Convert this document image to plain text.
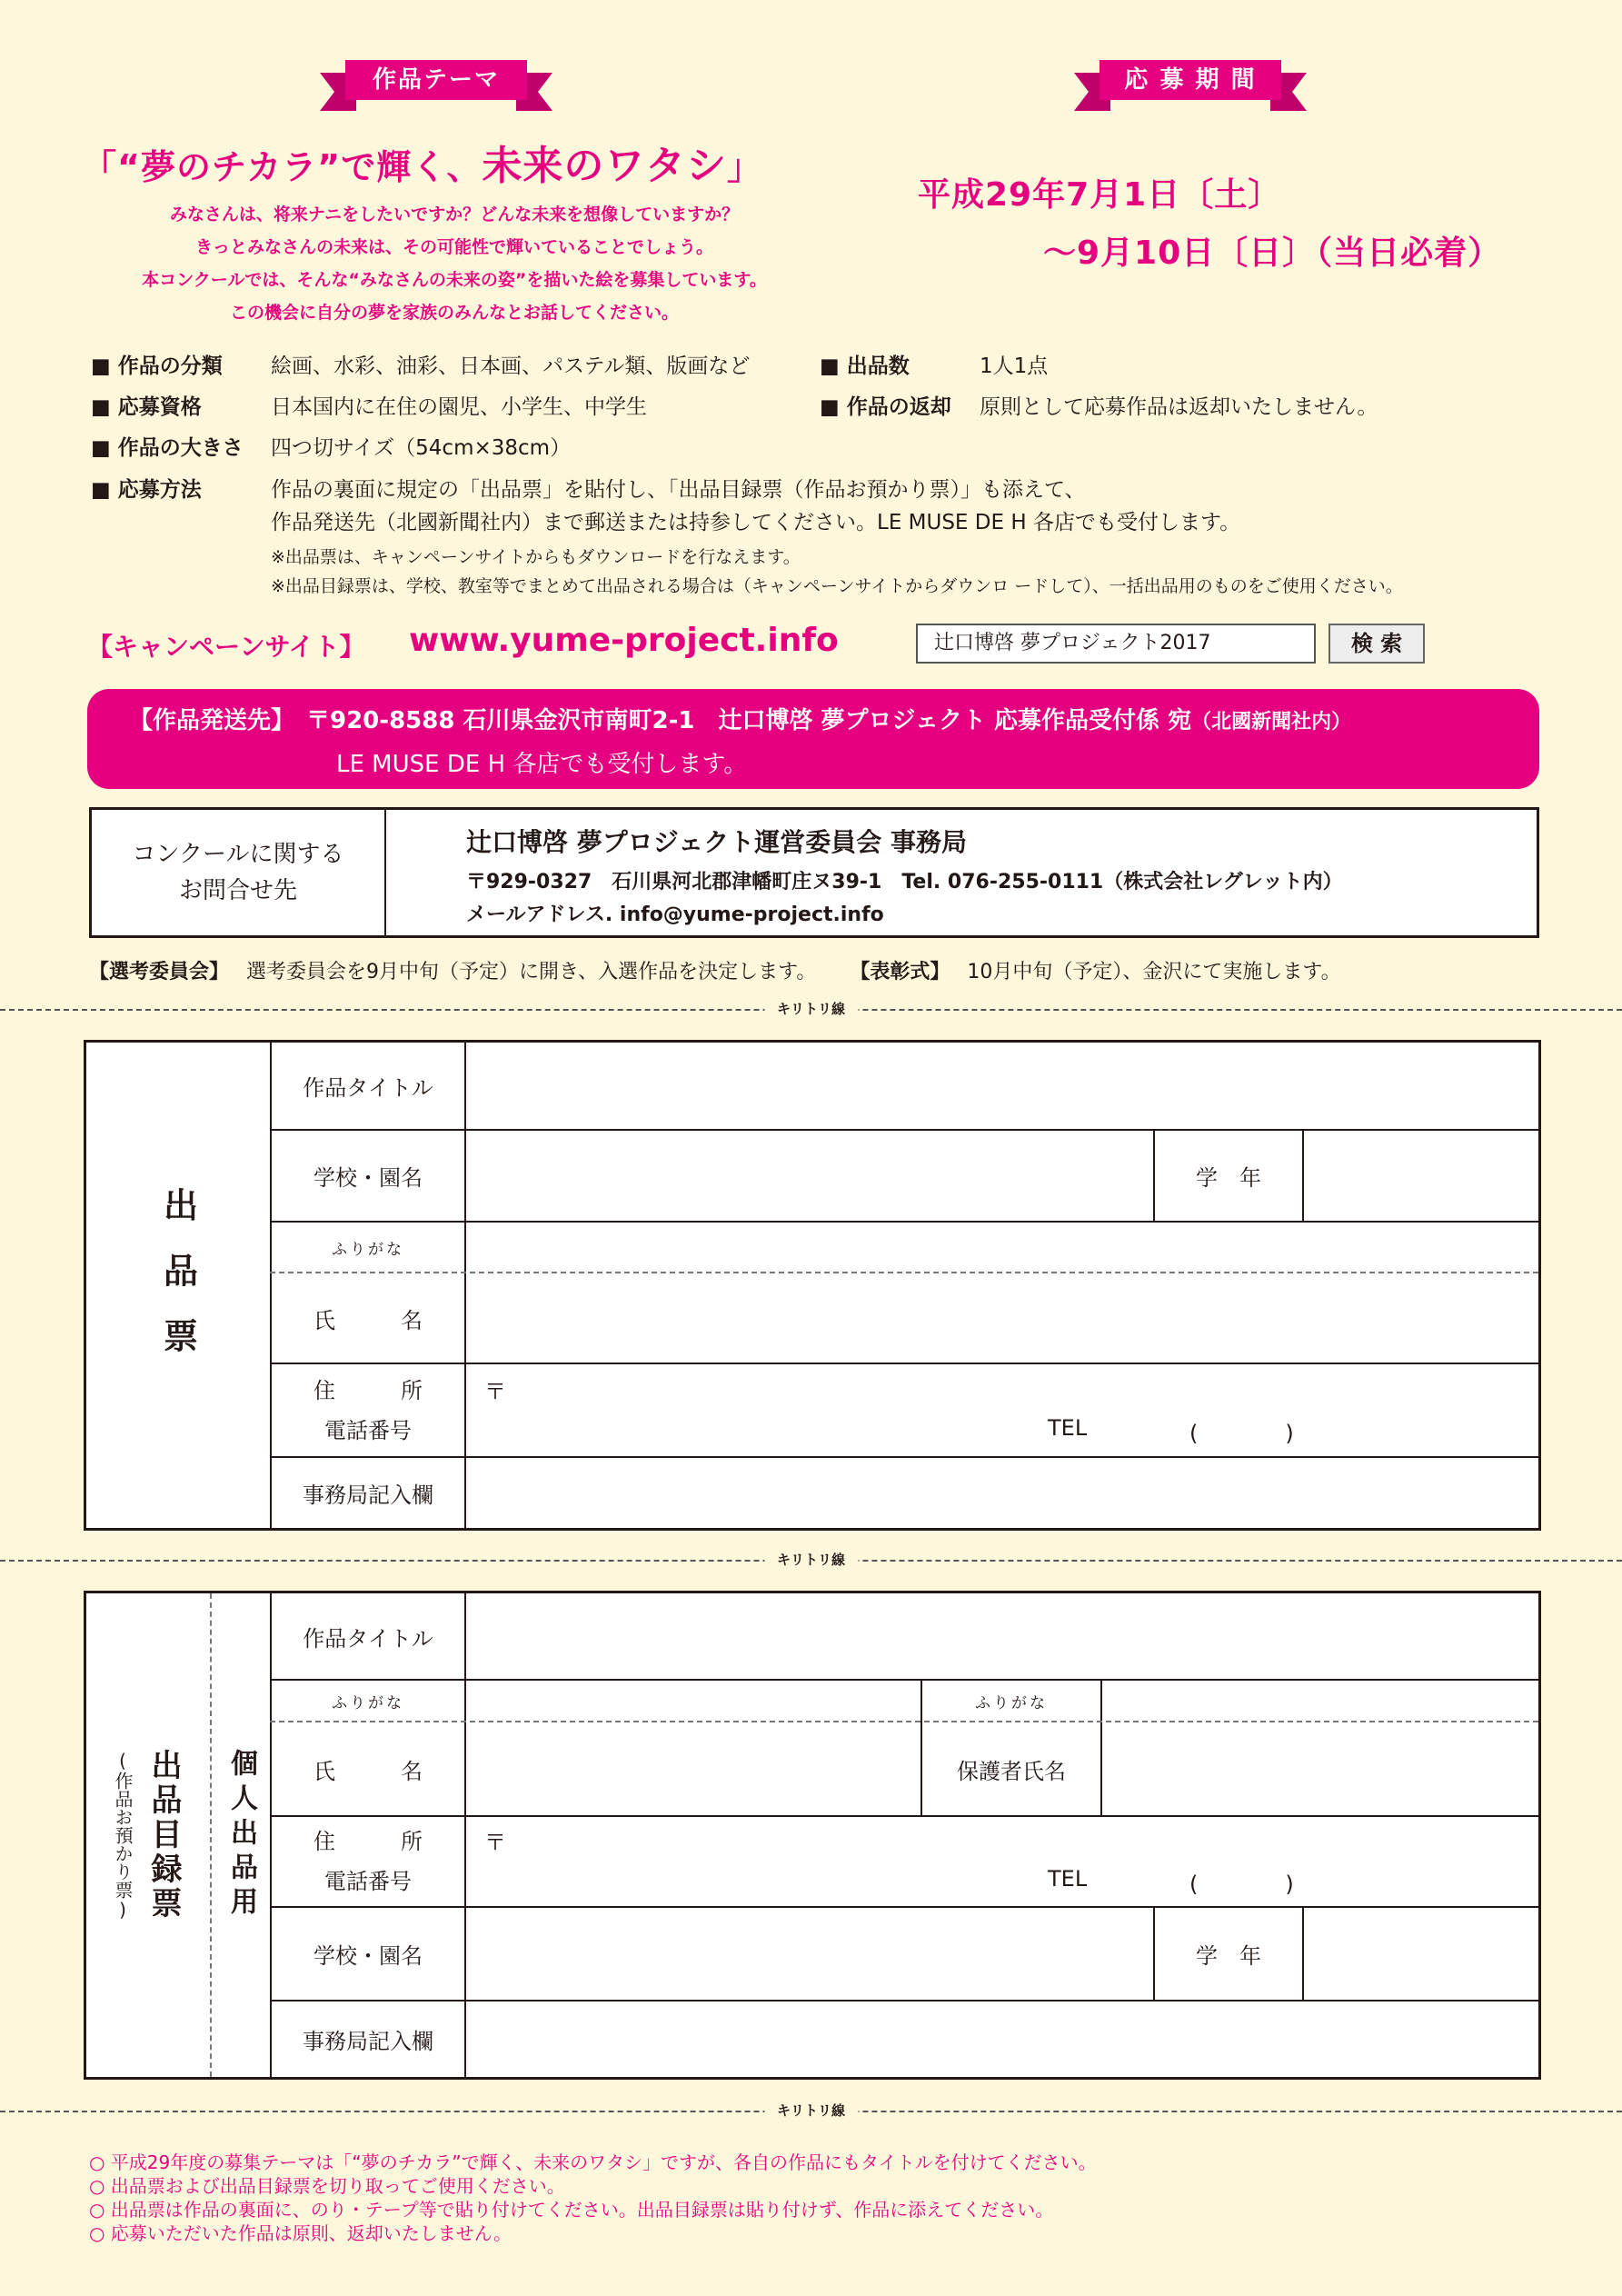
作品テーマ
「“夢のチカラ”で輝く、未来のワタシ」
みなさんは、将来ナニをしたいですか？どんな未来を想像していますか？
きっとみなさんの未来は、その可能性で輝いていることでしょう。
本コンクールでは、そんな“みなさんの未来の姿”を描いた絵を募集しています。
この機会に自分の夢を家族のみんなとお話してください。
応 募 期 間
平成29年7月1日〔土〕
～9月10日〔日〕（当日必着）
■ 作品の分類 絵画、水彩、油彩、日本画、パステル類、版画など
■ 応募資格	日本国内に在住の園児、小学生、中学生
■ 作品の大きさ 四つ切サイズ（54cm×38cm）
■ 出品数	1人1点
■ 作品の返却 原則として応募作品は返却いたしません。
■ 応募方法	作品の裏面に規定の「出品票」を貼付し、「出品目録票（作品お預かり票）」も添えて、
作品発送先（北國新聞社内）まで郵送または持参してください。LE MUSE DE H 各店でも受付します。
※出品票は、キャンペーンサイトからもダウンロードを行なえます。
※出品目録票は、学校、教室等でまとめて出品される場合は（キャンペーンサイトからダウンロ ードして）、一括出品用のものをご使用ください。
【キャンペーンサイト】 www.yume-project.info	辻口博啓 夢プロジェクト2017	検 索
【作品発送先】　〒920-8588 石川県金沢市南町2-1　辻口博啓 夢プロジェクト 応募作品受付係 宛（北國新聞社内）
LE MUSE DE H 各店でも受付します。
コンクールに関する
お問合せ先
辻口博啓 夢プロジェクト運営委員会 事務局
〒929-0327　石川県河北郡津幡町庄ヌ39-1　Tel. 076-255-0111（株式会社レグレット内）
メールアドレス. info@yume-project.info
【選考委員会】 選考委員会を9月中旬（予定）に開き、入選作品を決定します。 【表彰式】 10月中旬（予定）、金沢にて実施します。
キリトリ線
出品票
作品タイトル
学校・園名	学　年
ふりがな
氏　　　名
住　　　所
電話番号
〒
TEL	(　　　　)
事務局記入欄
キリトリ線
出品目録票
(作品お預かり票)	個人出品用
作品タイトル
ふりがな	ふりがな
氏　　　名	保護者氏名
住　　　所
電話番号
〒
TEL	(　　　　)
学校・園名	学　年
事務局記入欄
キリトリ線
○ 平成29年度の募集テーマは「“夢のチカラ”で輝く、未来のワタシ」ですが、各自の作品にもタイトルを付けてください。
○ 出品票および出品目録票を切り取ってご使用ください。
○ 出品票は作品の裏面に、のり・テープ等で貼り付けてください。出品目録票は貼り付けず、作品に添えてください。
○ 応募いただいた作品は原則、返却いたしません。
